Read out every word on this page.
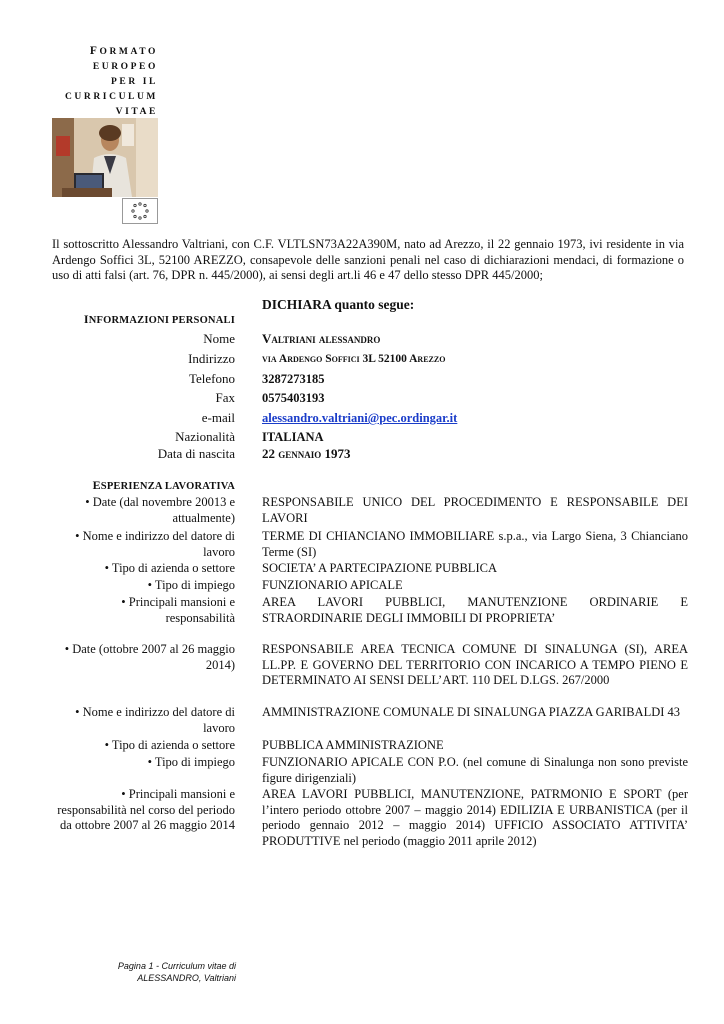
FORMATO
EUROPEO
PER IL
CURRICULUM
VITAE
Il sottoscritto Alessandro Valtriani, con C.F. VLTLSN73A22A390M, nato ad Arezzo, il 22 gennaio 1973, ivi residente in via Ardengo Soffici 3L, 52100 AREZZO, consapevole delle sanzioni penali nel caso di dichiarazioni mendaci, di formazione o uso di atti falsi (art. 76, DPR n. 445/2000), ai sensi degli art.li 46 e 47 dello stesso DPR 445/2000;
DICHIARA quanto segue:
INFORMAZIONI PERSONALI
Nome Valtriani alessandro
Indirizzo via Ardengo Soffici 3L 52100 Arezzo
Telefono 3287273185
Fax 0575403193
e-mail alessandro.valtriani@pec.ordingar.it
Nazionalità ITALIANA
Data di nascita 22 gennaio 1973
ESPERIENZA LAVORATIVA
• Date (dal novembre 20013 e attualmente)
RESPONSABILE UNICO DEL PROCEDIMENTO E RESPONSABILE DEI LAVORI
• Nome e indirizzo del datore di lavoro
TERME DI CHIANCIANO IMMOBILIARE s.p.a., via Largo Siena, 3 Chianciano Terme (SI)
• Tipo di azienda o settore SOCIETA’ A PARTECIPAZIONE PUBBLICA
• Tipo di impiego FUNZIONARIO APICALE
• Principali mansioni e responsabilità
AREA LAVORI PUBBLICI, MANUTENZIONE ORDINARIE E STRAORDINARIE DEGLI IMMOBILI DI PROPRIETA’
• Date (ottobre 2007 al 26 maggio 2014)
RESPONSABILE AREA TECNICA COMUNE DI SINALUNGA (SI), AREA LL.PP. E GOVERNO DEL TERRITORIO CON INCARICO A TEMPO PIENO E DETERMINATO AI SENSI DELL’ART. 110 DEL D.LGS. 267/2000
• Nome e indirizzo del datore di lavoro
AMMINISTRAZIONE COMUNALE DI SINALUNGA PIAZZA GARIBALDI 43
• Tipo di azienda o settore PUBBLICA AMMINISTRAZIONE
• Tipo di impiego FUNZIONARIO APICALE CON P.O. (nel comune di Sinalunga non sono previste figure dirigenziali)
• Principali mansioni e responsabilità nel corso del periodo da ottobre 2007 al 26 maggio 2014
AREA LAVORI PUBBLICI, MANUTENZIONE, PATRMONIO E SPORT (per l’intero periodo ottobre 2007 – maggio 2014) EDILIZIA E URBANISTICA (per il periodo gennaio 2012 – maggio 2014) UFFICIO ASSOCIATO ATTIVITA’ PRODUTTIVE nel periodo (maggio 2011 aprile 2012)
Pagina 1 - Curriculum vitae di
ALESSANDRO, Valtriani
